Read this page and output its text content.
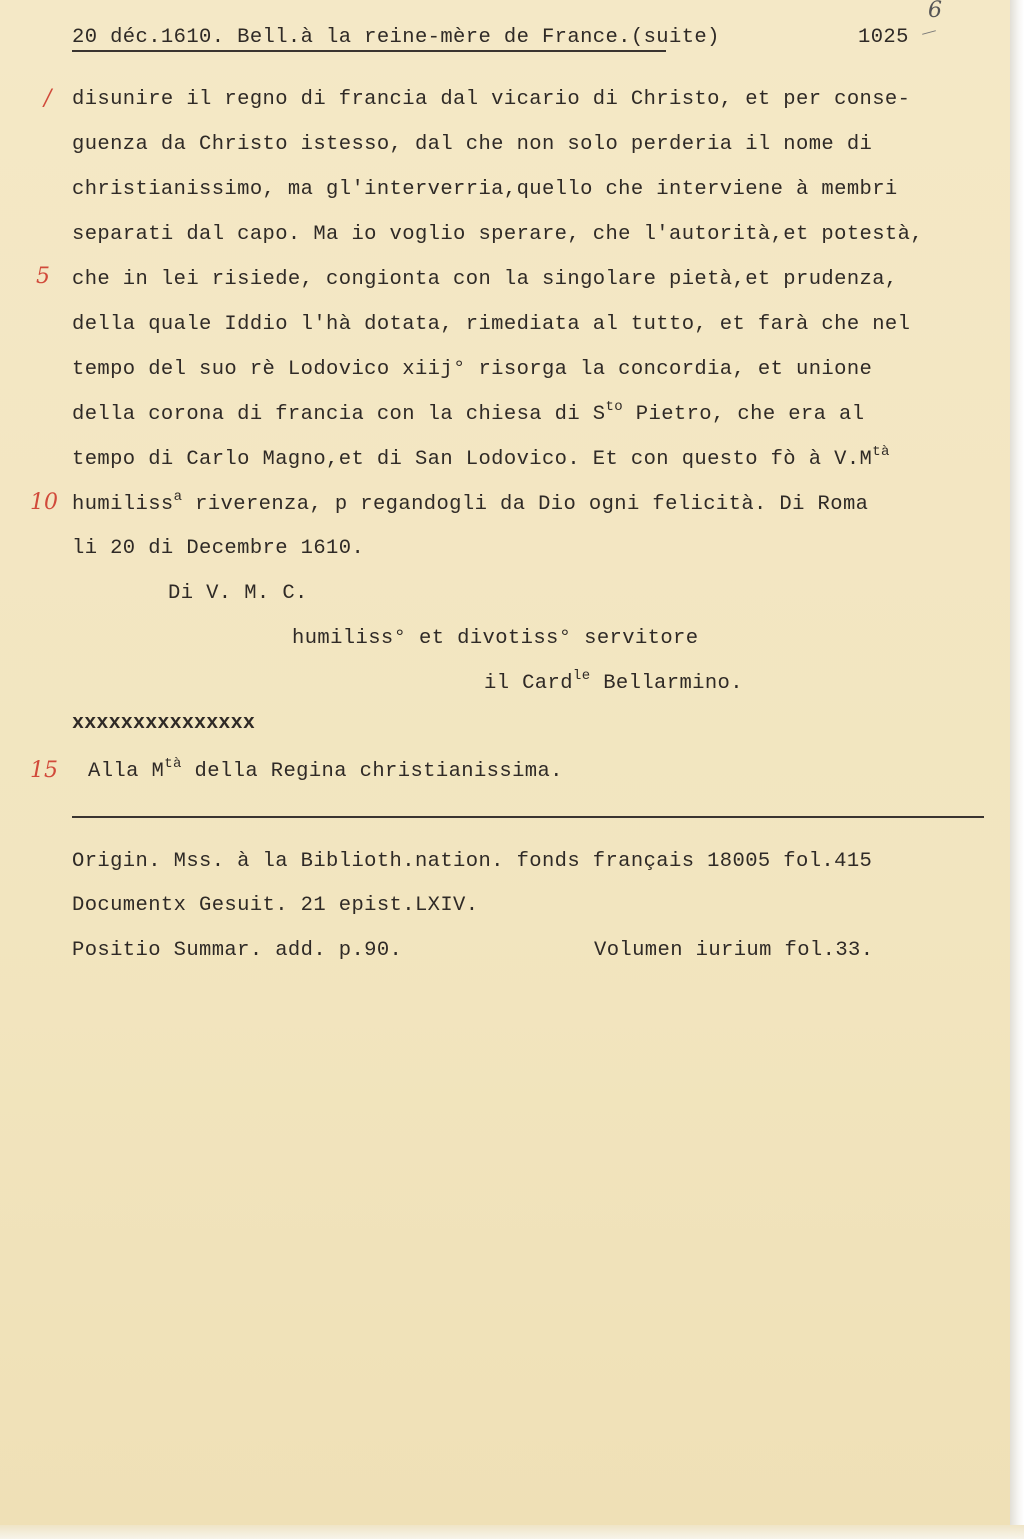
20 déc.1610. Bell.à la reine-mère de France.(suite)	1025
6
/
5
10
15
disunire il regno di francia dal vicario di Christo, et per conse-
guenza da Christo istesso, dal che non solo perderia il nome di
christianissimo, ma gl'interverria,quello che interviene à membri
separati dal capo. Ma io voglio sperare, che l'autorità,et potestà,
che in lei risiede, congionta con la singolare pietà,et prudenza,
della quale Iddio l'hà dotata, rimediata al tutto, et farà che nel
tempo del suo rè Lodovico xiij° risorga la concordia, et unione
della corona di francia con la chiesa di $S^{to}$ Pietro, che era al
tempo di Carlo Magno,et di San Lodovico. Et con questo fò à $V.M^{tà}$
humiliss$^a$ riverenza, p regandogli da Dio ogni felicità. Di Roma
li 20 di Decembre 1610.
Di V. M. C.
humiliss° et divotiss° servitore
il Card$^{le}$ Bellarmino.
xxxxxxxxxxxxxxx
Alla $M^{tà}$ della Regina christianissima.
Origin. Mss. à la Biblioth.nation. fonds français 18005 fol.415
Documentx Gesuit. 21 epist.LXIV.
Positio Summar. add. p.90.	Volumen iurium fol.33.
